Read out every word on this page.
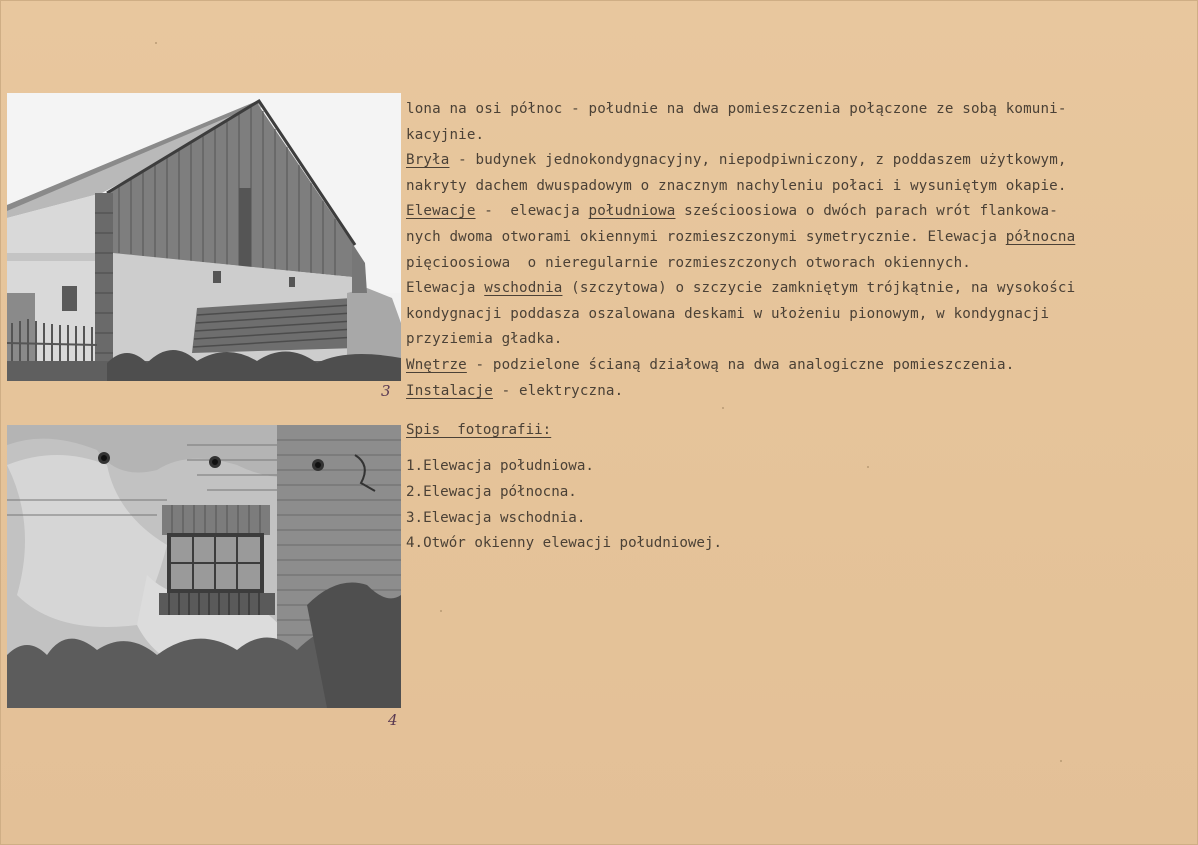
3
4
lona na osi północ - południe na dwa pomieszczenia połączone ze sobą komuni-
kacyjnie.
Bryła - budynek jednokondygnacyjny, niepodpiwniczony, z poddaszem użytkowym,
nakryty dachem dwuspadowym o znacznym nachyleniu połaci i wysuniętym okapie.
Elewacje -  elewacja południowa sześcioosiowa o dwóch parach wrót flankowa-
nych dwoma otworami okiennymi rozmieszczonymi symetrycznie. Elewacja północna
pięcioosiowa  o nieregularnie rozmieszczonych otworach okiennych.
Elewacja wschodnia (szczytowa) o szczycie zamkniętym trójkątnie, na wysokości
kondygnacji poddasza oszalowana deskami w ułożeniu pionowym, w kondygnacji
przyziemia gładka.
Wnętrze - podzielone ścianą działową na dwa analogiczne pomieszczenia.
Instalacje - elektryczna.
Spis  fotografii:
1.Elewacja południowa.
2.Elewacja północna.
3.Elewacja wschodnia.
4.Otwór okienny elewacji południowej.
